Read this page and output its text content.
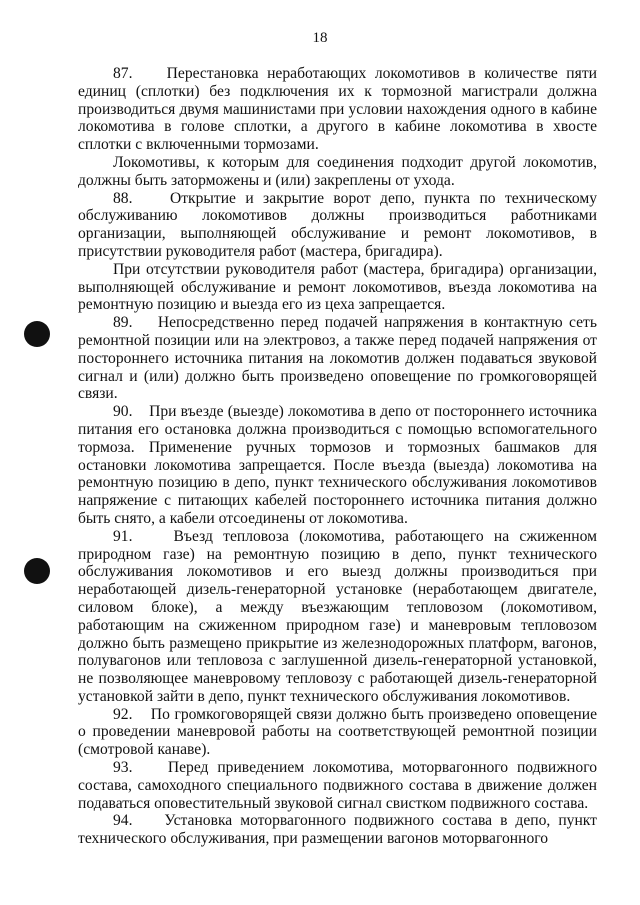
18

87.    Перестановка неработающих локомотивов в количестве пяти единиц (сплотки) без подключения их к тормозной магистрали должна производиться двумя машинистами при условии нахождения одного в кабине локомотива в голове сплотки, а другого в кабине локомотива в хвосте сплотки с включенными тормозами.

Локомотивы, к которым для соединения подходит другой локомотив, должны быть заторможены и (или) закреплены от ухода.

88.    Открытие и закрытие ворот депо, пункта по техническому обслуживанию локомотивов должны производиться работниками организации, выполняющей обслуживание и ремонт локомотивов, в присутствии руководителя работ (мастера, бригадира).

При отсутствии руководителя работ (мастера, бригадира) организации, выполняющей обслуживание и ремонт локомотивов, въезда локомотива на ремонтную позицию и выезда его из цеха запрещается.

89.    Непосредственно перед подачей напряжения в контактную сеть ремонтной позиции или на электровоз, а также перед подачей напряжения от постороннего источника питания на локомотив должен подаваться звуковой сигнал и (или) должно быть произведено оповещение по громкоговорящей связи.

90.    При въезде (выезде) локомотива в депо от постороннего источника питания его остановка должна производиться с помощью вспомогательного тормоза. Применение ручных тормозов и тормозных башмаков для остановки локомотива запрещается. После въезда (выезда) локомотива на ремонтную позицию в депо, пункт технического обслуживания локомотивов напряжение с питающих кабелей постороннего источника питания должно быть снято, а кабели отсоединены от локомотива.

91.    Въезд тепловоза (локомотива, работающего на сжиженном природном газе) на ремонтную позицию в депо, пункт технического обслуживания локомотивов и его выезд должны производиться при неработающей дизель-генераторной установке (неработающем двигателе, силовом блоке), а между въезжающим тепловозом (локомотивом, работающим на сжиженном природном газе) и маневровым тепловозом должно быть размещено прикрытие из железнодорожных платформ, вагонов, полувагонов или тепловоза с заглушенной дизель-генераторной установкой, не позволяющее маневровому тепловозу с работающей дизель-генераторной установкой зайти в депо, пункт технического обслуживания локомотивов.

92.    По громкоговорящей связи должно быть произведено оповещение о проведении маневровой работы на соответствующей ремонтной позиции (смотровой канаве).

93.    Перед приведением локомотива, моторвагонного подвижного состава, самоходного специального подвижного состава в движение должен подаваться оповестительный звуковой сигнал свистком подвижного состава.

94.    Установка моторвагонного подвижного состава в депо, пункт технического обслуживания, при размещении вагонов моторвагонного
